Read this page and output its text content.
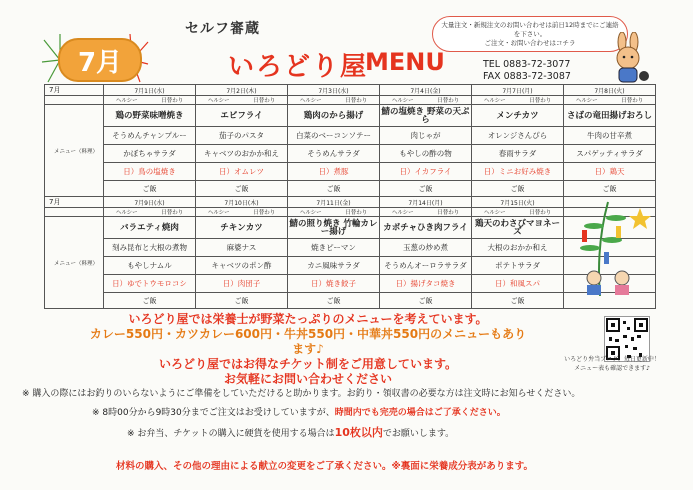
7月
セルフ審蔵
いろどり屋
MENU
大量注文・新規注文のお問い合わせは前日12時までにご連絡を下さい。
ご注文・お問い合わせはコチラ
TEL 0883-72-3077
FAX 0883-72-3087
7月	7月1日(水)	7月2日(木)	7月3日(水)	7月4日(金)	7月7日(月)	7月8日(火)
	ヘルシー 日替わり	ヘルシー 日替わり	ヘルシー 日替わり	ヘルシー 日替わり	ヘルシー 日替わり	ヘルシー 日替わり
メニュー（料理）	鶏の野菜味噌焼き	エビフライ	鶏肉のから揚げ	鯖の塩焼き 野菜の天ぷら	メンチカツ	さばの竜田揚げおろし
	そうめんチャンプルー	茄子のパスタ	白菜のベーコンソテー	肉じゃが	オレンジさんぴら	牛肉の甘辛煮
	かぼちゃサラダ	キャベツのおかか和え	そうめんサラダ	もやしの酢の物	春雨サラダ	スパゲッティサラダ
	日）鳥の塩焼き	日）オムレツ	日）煮豚	日）イカフライ	日）ミニお好み焼き	日）鶏天
	ご飯	ご飯	ご飯	ご飯	ご飯	ご飯
7月	7月9日(水)	7月10日(木)	7月11日(金)	7月14日(月)	7月15日(火)	
	ヘルシー 日替わり	ヘルシー 日替わり	ヘルシー 日替わり	ヘルシー 日替わり	ヘルシー 日替わり	
メニュー（料理）	バラエティ焼肉	チキンカツ	鯖の照り焼き 竹輪カレー揚げ	カボチャひき肉フライ	鶏天のわさびマヨネーズ	
	刻み昆布と大根の煮物	麻婆ナス	焼きピーマン	玉葱の炒め煮	大根のおかか和え	
	もやしナムル	キャベツのポン酢	カニ風味サラダ	そうめんオーロラサラダ	ポテトサラダ	
	日）ゆでトウモロコシ	日）肉団子	日）焼き餃子	日）揚げタコ焼き	日）和風スパ	
	ご飯	ご飯	ご飯	ご飯	ご飯	
いろどり屋では栄養士が野菜たっぷりのメニューを考えています。
カレー550円・カツカレー600円・牛丼550円・中華丼550円のメニューもあります♪
いろどり屋ではお得なチケット制をご用意しています。
お気軽にお問い合わせください
いろどり弁当ブログ、毎日更新中！
メニュー表も確認できます♪
※ 購入の際にはお釣りのいらないようにご準備をしていただけると助かります。お釣り・領収書の必要な方は注文時にお知らせください。
※ 8時00分から9時30分までご注文はお受けしていますが、時間内でも完売の場合はご了承ください。
※ お弁当、チケットの購入に硬貨を使用する場合は10枚以内でお願いします。
材料の購入、その他の理由による献立の変更をご了承ください。※裏面に栄養成分表があります。
